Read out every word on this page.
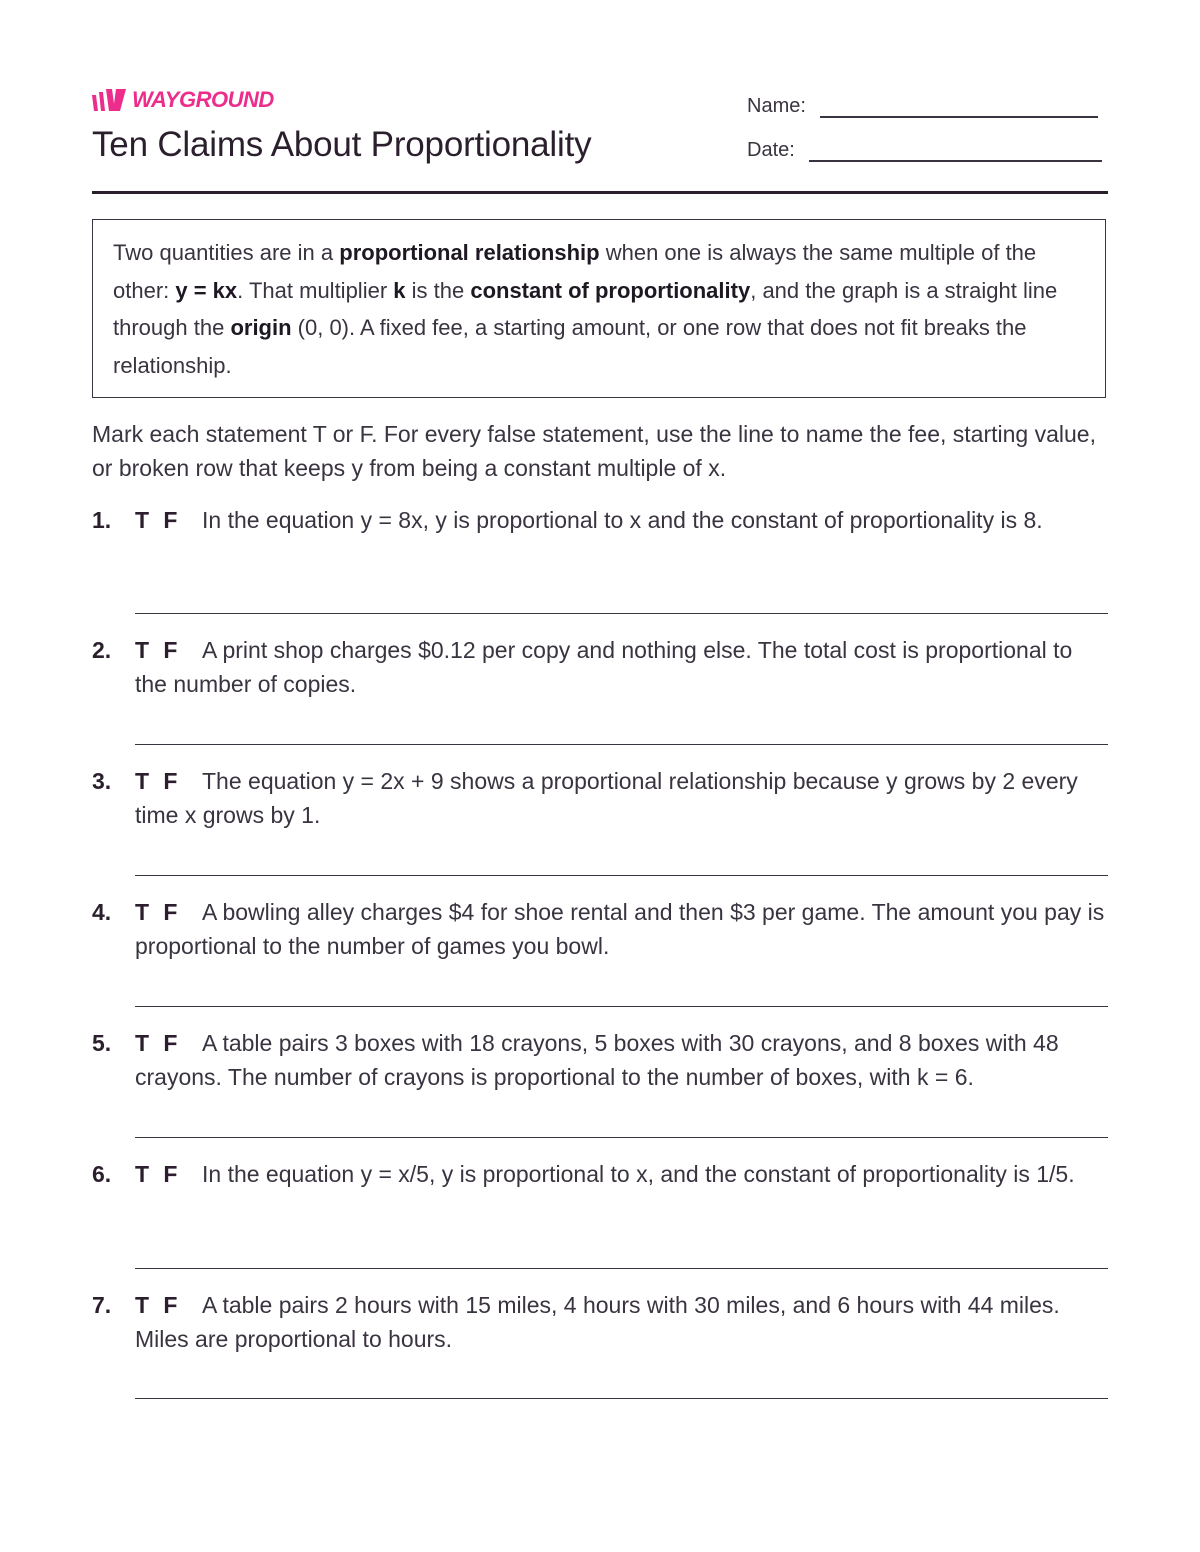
WAYGROUND
Ten Claims About Proportionality
Name:
Date:
Two quantities are in a proportional relationship when one is always the same multiple of the other: y = kx. That multiplier k is the constant of proportionality, and the graph is a straight line through the origin (0, 0). A fixed fee, a starting amount, or one row that does not fit breaks the relationship.

Mark each statement T or F. For every false statement, use the line to name the fee, starting value, or broken row that keeps y from being a constant multiple of x.

1. T  F	In the equation y = 8x, y is proportional to x and the constant of proportionality is 8.
2. T  F	A print shop charges $0.12 per copy and nothing else. The total cost is proportional to the number of copies.
3. T  F	The equation y = 2x + 9 shows a proportional relationship because y grows by 2 every time x grows by 1.
4. T  F	A bowling alley charges $4 for shoe rental and then $3 per game. The amount you pay is proportional to the number of games you bowl.
5. T  F	A table pairs 3 boxes with 18 crayons, 5 boxes with 30 crayons, and 8 boxes with 48 crayons. The number of crayons is proportional to the number of boxes, with k = 6.
6. T  F	In the equation y = x/5, y is proportional to x, and the constant of proportionality is 1/5.
7. T  F	A table pairs 2 hours with 15 miles, 4 hours with 30 miles, and 6 hours with 44 miles. Miles are proportional to hours.
